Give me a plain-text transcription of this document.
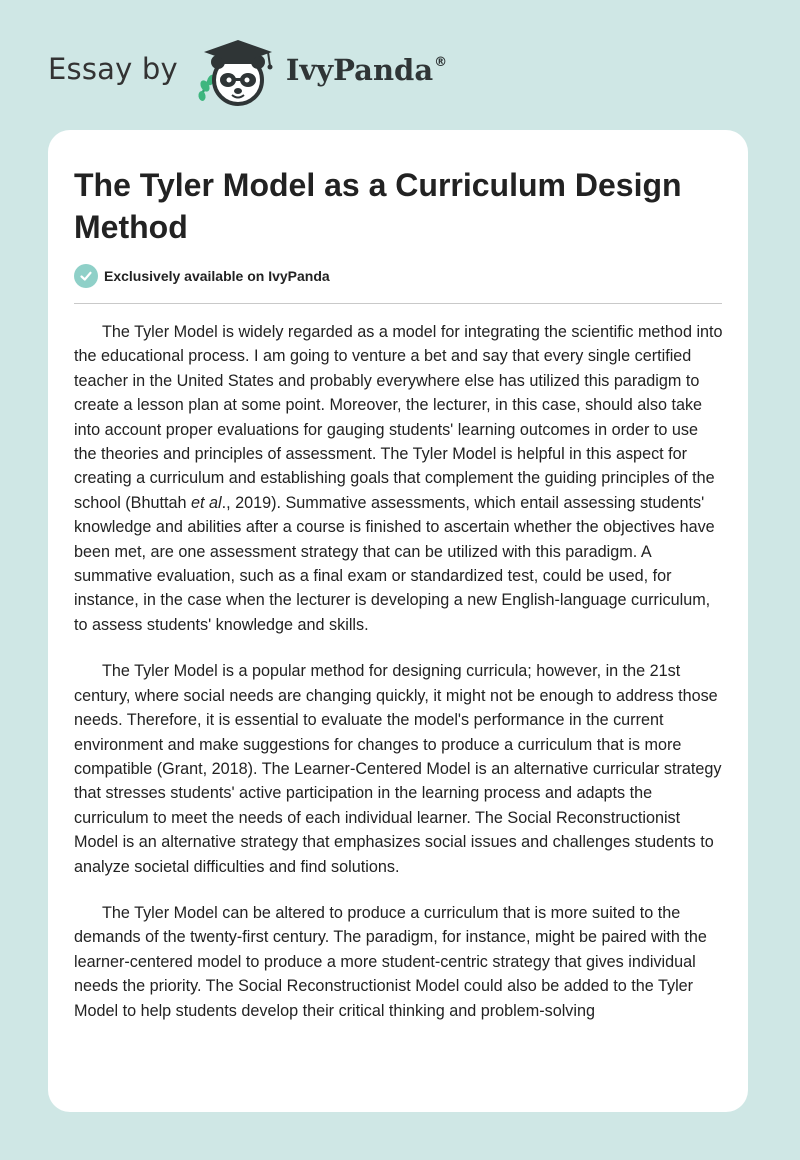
Essay by	IvyPanda®
The Tyler Model as a Curriculum Design Method
Exclusively available on IvyPanda

The Tyler Model is widely regarded as a model for integrating the scientific method into the educational process. I am going to venture a bet and say that every single certified teacher in the United States and probably everywhere else has utilized this paradigm to create a lesson plan at some point. Moreover, the lecturer, in this case, should also take into account proper evaluations for gauging students' learning outcomes in order to use the theories and principles of assessment. The Tyler Model is helpful in this aspect for creating a curriculum and establishing goals that complement the guiding principles of the school (Bhuttah et al., 2019). Summative assessments, which entail assessing students' knowledge and abilities after a course is finished to ascertain whether the objectives have been met, are one assessment strategy that can be utilized with this paradigm. A summative evaluation, such as a final exam or standardized test, could be used, for instance, in the case when the lecturer is developing a new English-language curriculum, to assess students' knowledge and skills.

The Tyler Model is a popular method for designing curricula; however, in the 21st century, where social needs are changing quickly, it might not be enough to address those needs. Therefore, it is essential to evaluate the model's performance in the current environment and make suggestions for changes to produce a curriculum that is more compatible (Grant, 2018). The Learner-Centered Model is an alternative curricular strategy that stresses students' active participation in the learning process and adapts the curriculum to meet the needs of each individual learner. The Social Reconstructionist Model is an alternative strategy that emphasizes social issues and challenges students to analyze societal difficulties and find solutions.

The Tyler Model can be altered to produce a curriculum that is more suited to the demands of the twenty-first century. The paradigm, for instance, might be paired with the learner-centered model to produce a more student-centric strategy that gives individual needs the priority. The Social Reconstructionist Model could also be added to the Tyler Model to help students develop their critical thinking and problem-solving
